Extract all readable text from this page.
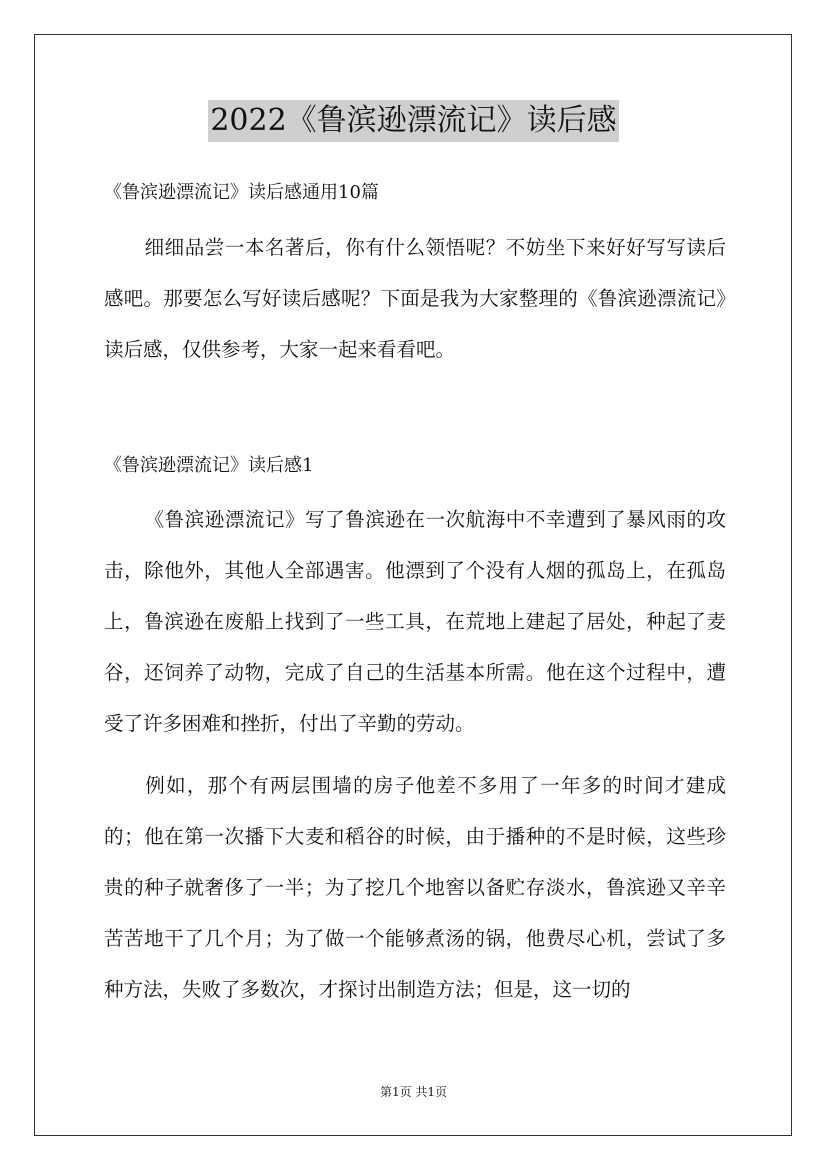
2022《鲁滨逊漂流记》读后感
《鲁滨逊漂流记》读后感通用10篇

细细品尝一本名著后，你有什么领悟呢？不妨坐下来好好写写读后感吧。那要怎么写好读后感呢？下面是我为大家整理的《鲁滨逊漂流记》读后感，仅供参考，大家一起来看看吧。

《鲁滨逊漂流记》读后感1

《鲁滨逊漂流记》写了鲁滨逊在一次航海中不幸遭到了暴风雨的攻击，除他外，其他人全部遇害。他漂到了个没有人烟的孤岛上，在孤岛上，鲁滨逊在废船上找到了一些工具，在荒地上建起了居处，种起了麦谷，还饲养了动物，完成了自己的生活基本所需。他在这个过程中，遭受了许多困难和挫折，付出了辛勤的劳动。

例如，那个有两层围墙的房子他差不多用了一年多的时间才建成的；他在第一次播下大麦和稻谷的时候，由于播种的不是时候，这些珍贵的种子就奢侈了一半；为了挖几个地窖以备贮存淡水，鲁滨逊又辛辛苦苦地干了几个月；为了做一个能够煮汤的锅，他费尽心机，尝试了多种方法，失败了多数次，才探讨出制造方法；但是，这一切的

第1页 共1页
